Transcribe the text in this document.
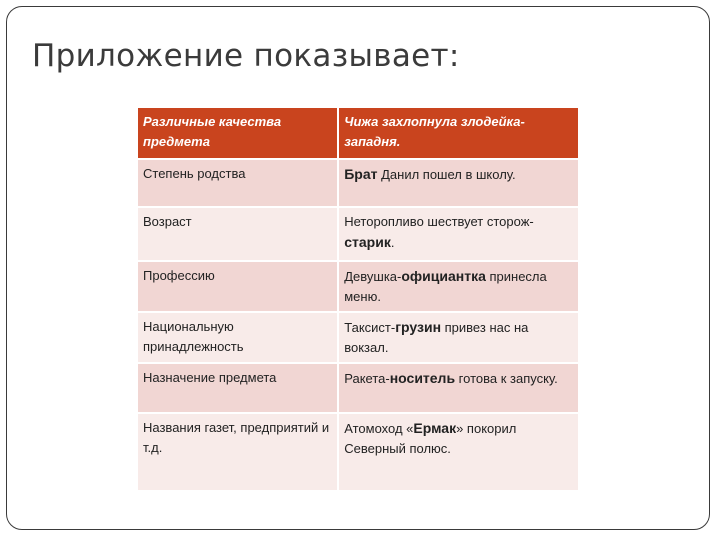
Приложение показывает:
Различные качества предмета	Чижа захлопнула злодейка-западня.
Степень родства	Брат Данил пошел в школу.
Возраст	Неторопливо шествует сторож-старик.
Профессию	Девушка-официантка принесла меню.
Национальную принадлежность	Таксист-грузин привез нас на вокзал.
Назначение предмета	Ракета-носитель готова к запуску.
Названия газет, предприятий и т.д.	Атомоход «Ермак» покорил Северный полюс.
